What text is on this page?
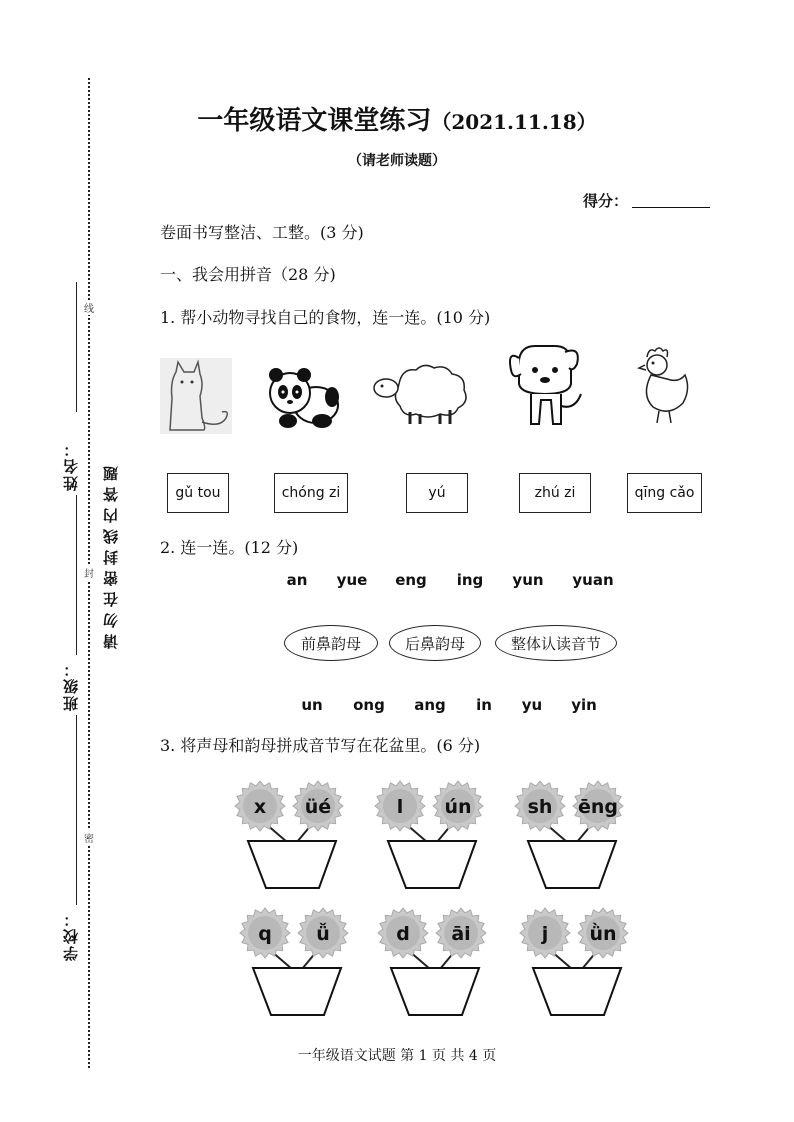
姓名：
班级：
学校：
线
封
密
请勿在密封线内答题
一年级语文课堂练习（2021.11.18）
（请老师读题）
得分：
卷面书写整洁、工整。(3 分)
一、我会用拼音（28 分)
1. 帮小动物寻找自己的食物，连一连。(10 分)
gǔ tou	chóng zi	yú	zhú zi	qīng cǎo
2. 连一连。(12 分)
an	yue	eng	ing	yun	yuan
前鼻韵母	后鼻韵母	整体认读音节
un	ong	ang	in	yu	yin
3. 将声母和韵母拼成音节写在花盆里。(6 分)
x üé	l ún	sh ēng
q ǚ	d āi	j ǜn
一年级语文试题 第 1 页 共 4 页
